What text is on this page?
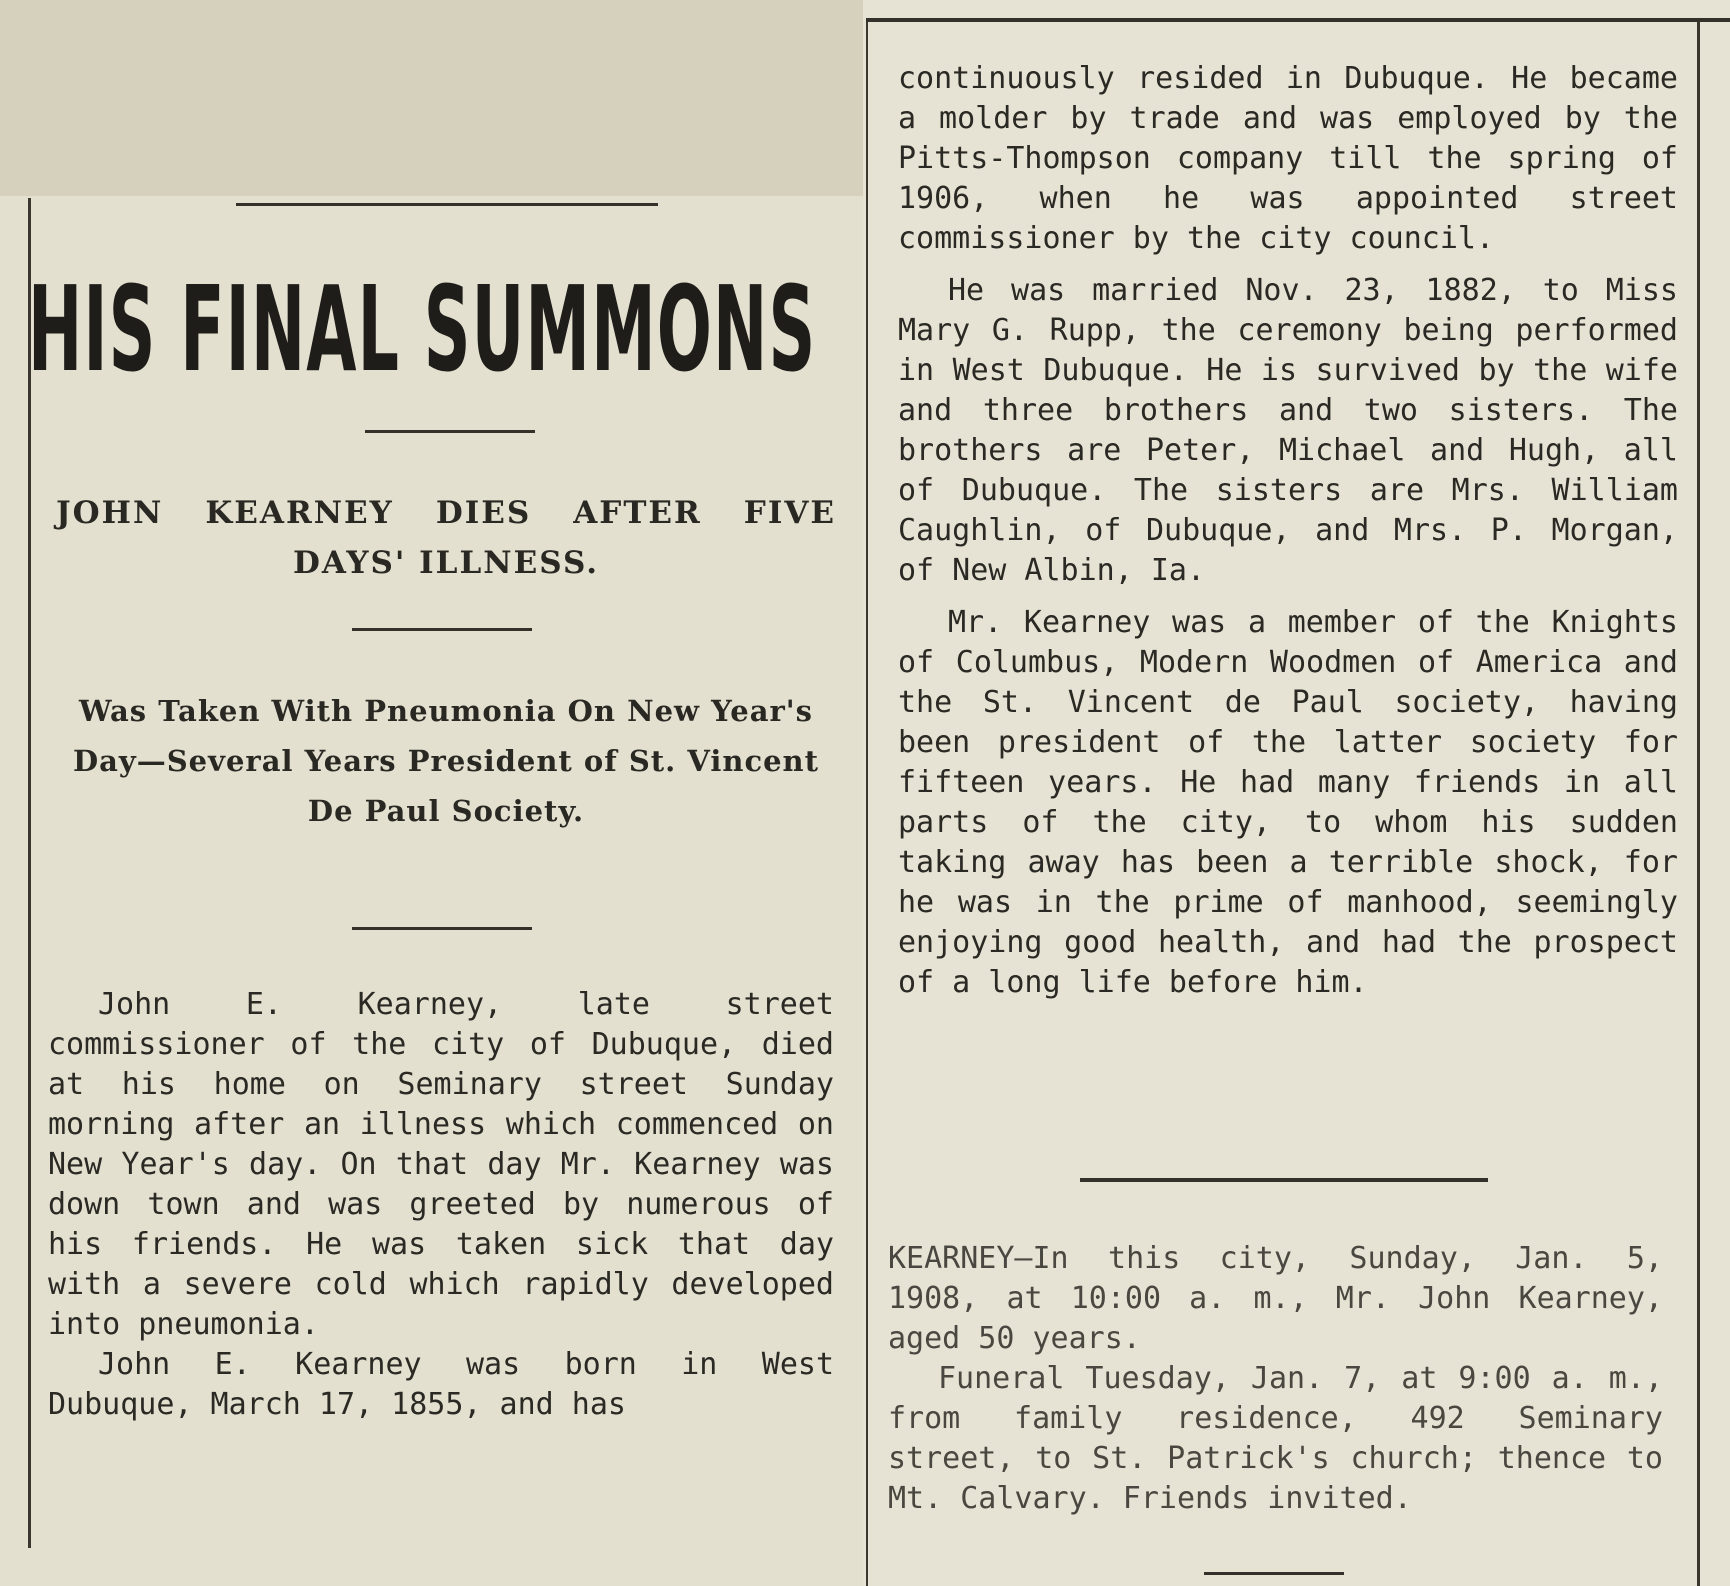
HIS FINAL SUMMONS
JOHN KEARNEY DIES AFTER FIVE DAYS' ILLNESS.
Was Taken With Pneumonia On New Year's Day—Several Years President of St. Vincent De Paul Society.

John E. Kearney, late street commissioner of the city of Dubuque, died at his home on Seminary street Sunday morning after an illness which commenced on New Year's day. On that day Mr. Kearney was down town and was greeted by numerous of his friends. He was taken sick that day with a severe cold which rapidly developed into pneumonia.

John E. Kearney was born in West Dubuque, March 17, 1855, and has

continuously resided in Dubuque. He became a molder by trade and was employed by the Pitts-Thompson company till the spring of 1906, when he was appointed street commissioner by the city council.

He was married Nov. 23, 1882, to Miss Mary G. Rupp, the ceremony being performed in West Dubuque. He is survived by the wife and three brothers and two sisters. The brothers are Peter, Michael and Hugh, all of Dubuque. The sisters are Mrs. William Caughlin, of Dubuque, and Mrs. P. Morgan, of New Albin, Ia.

Mr. Kearney was a member of the Knights of Columbus, Modern Woodmen of America and the St. Vincent de Paul society, having been president of the latter society for fifteen years. He had many friends in all parts of the city, to whom his sudden taking away has been a terrible shock, for he was in the prime of manhood, seemingly enjoying good health, and had the prospect of a long life before him.

KEARNEY—In this city, Sunday, Jan. 5, 1908, at 10:00 a. m., Mr. John Kearney, aged 50 years.

Funeral Tuesday, Jan. 7, at 9:00 a. m., from family residence, 492 Seminary street, to St. Patrick's church; thence to Mt. Calvary. Friends invited.
